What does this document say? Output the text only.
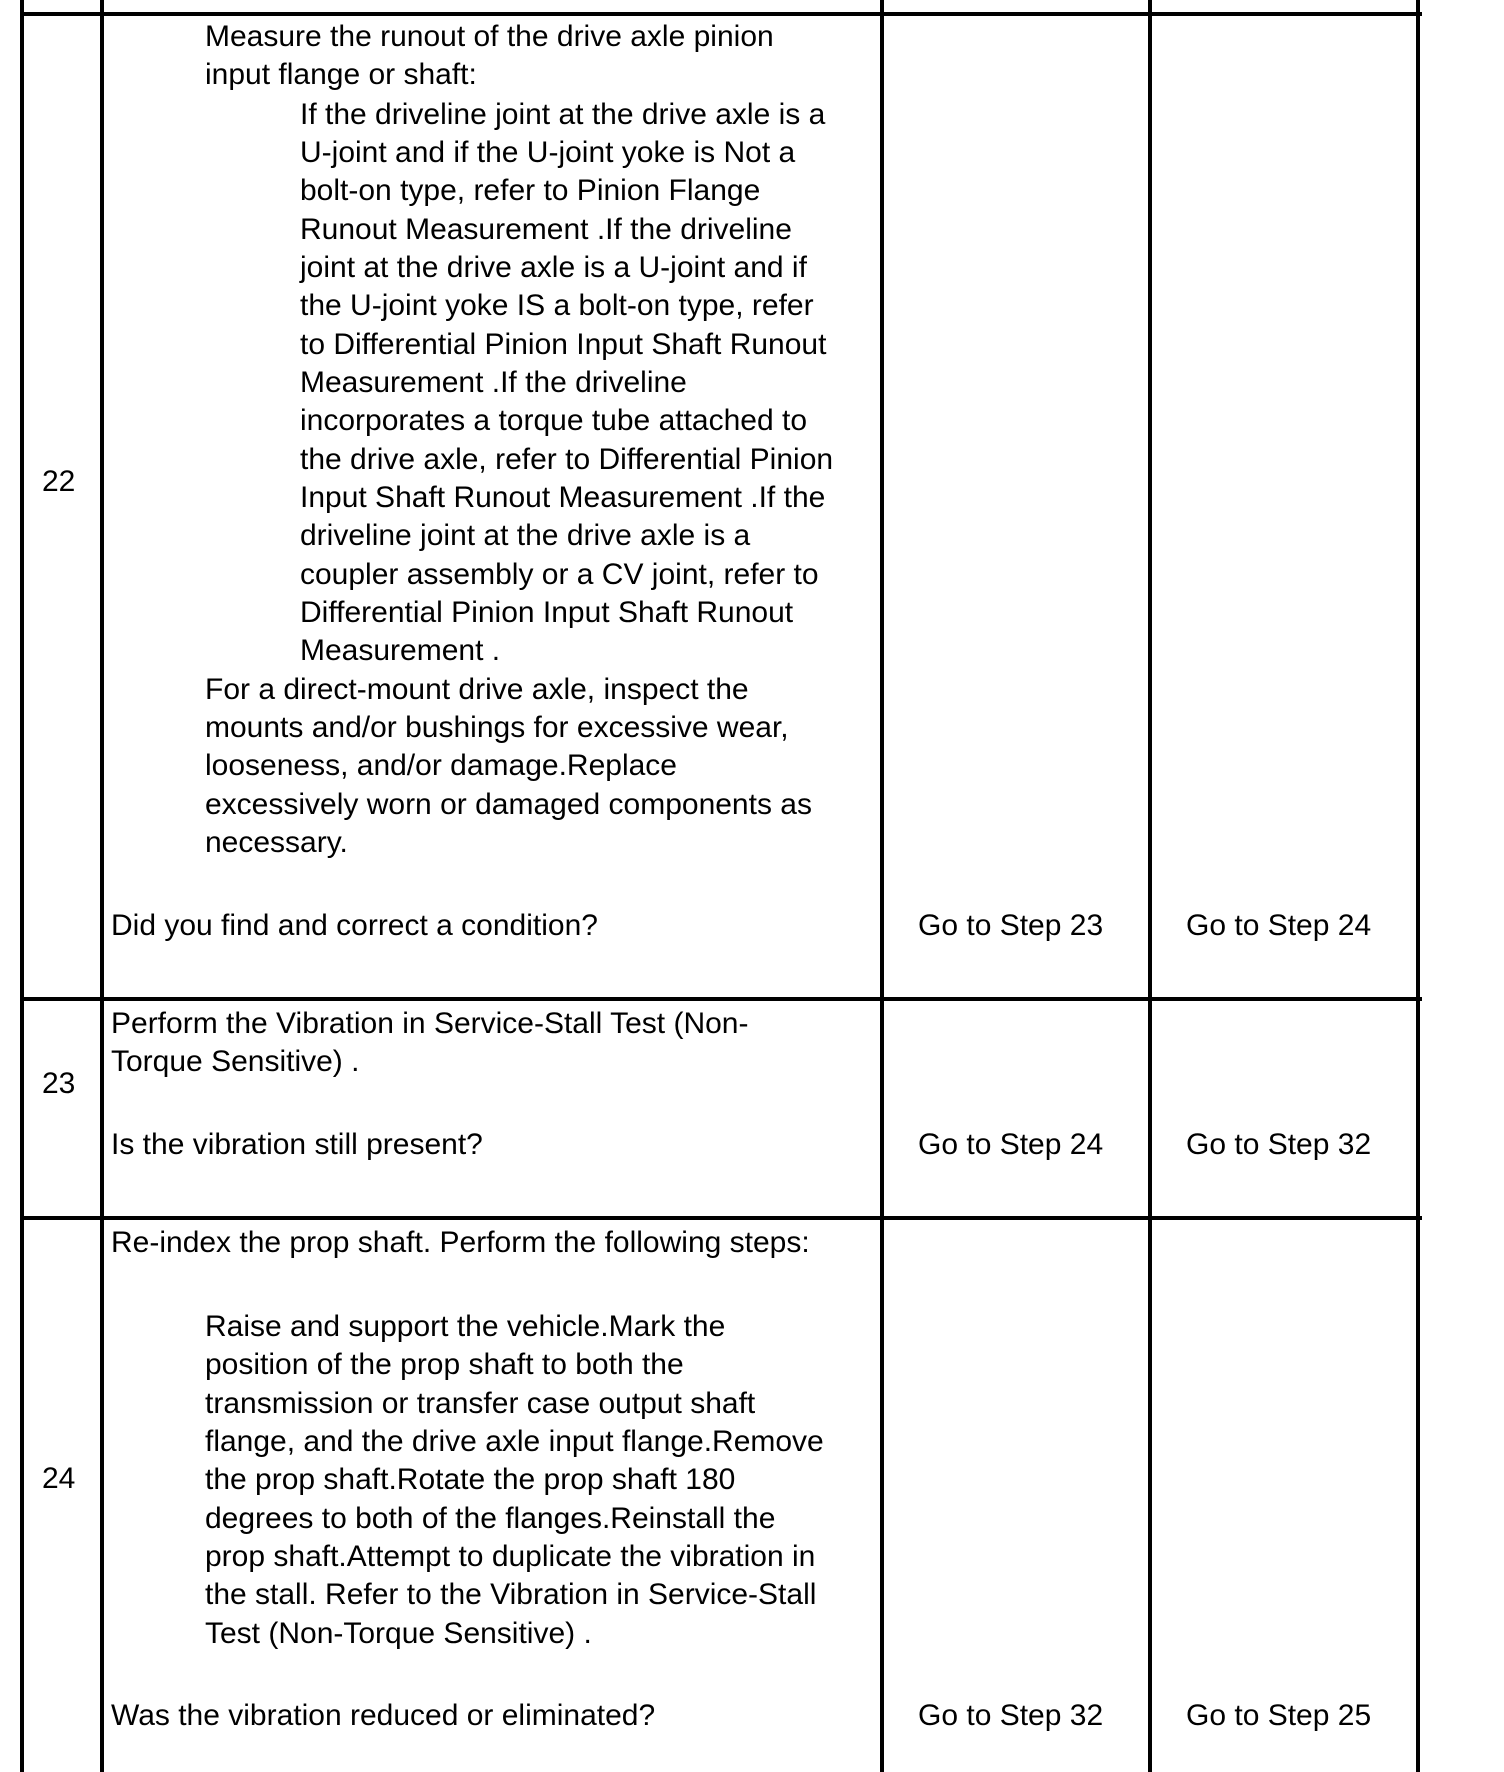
22
Measure the runout of the drive axle pinion
input flange or shaft:
If the driveline joint at the drive axle is a
U-joint and if the U-joint yoke is Not a
bolt-on type, refer to Pinion Flange
Runout Measurement .If the driveline
joint at the drive axle is a U-joint and if
the U-joint yoke IS a bolt-on type, refer
to Differential Pinion Input Shaft Runout
Measurement .If the driveline
incorporates a torque tube attached to
the drive axle, refer to Differential Pinion
Input Shaft Runout Measurement .If the
driveline joint at the drive axle is a
coupler assembly or a CV joint, refer to
Differential Pinion Input Shaft Runout
Measurement .
For a direct-mount drive axle, inspect the
mounts and/or bushings for excessive wear,
looseness, and/or damage.Replace
excessively worn or damaged components as
necessary.
Did you find and correct a condition?	Go to Step 23	Go to Step 24
23
Perform the Vibration in Service-Stall Test (Non-
Torque Sensitive) .
Is the vibration still present?	Go to Step 24	Go to Step 32
24
Re-index the prop shaft. Perform the following steps:
Raise and support the vehicle.Mark the
position of the prop shaft to both the
transmission or transfer case output shaft
flange, and the drive axle input flange.Remove
the prop shaft.Rotate the prop shaft 180
degrees to both of the flanges.Reinstall the
prop shaft.Attempt to duplicate the vibration in
the stall. Refer to the Vibration in Service-Stall
Test (Non-Torque Sensitive) .
Was the vibration reduced or eliminated?	Go to Step 32	Go to Step 25
